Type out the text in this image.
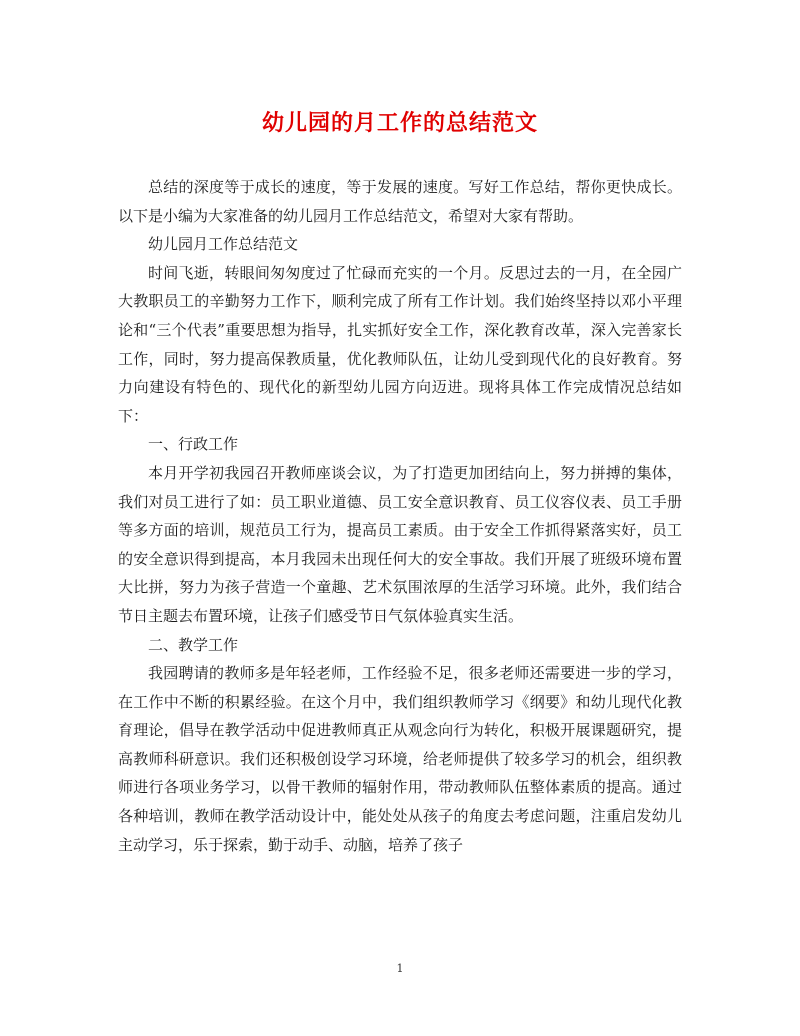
幼儿园的月工作的总结范文

总结的深度等于成长的速度，等于发展的速度。写好工作总结，帮你更快成长。以下是小编为大家准备的幼儿园月工作总结范文，希望对大家有帮助。

幼儿园月工作总结范文

时间飞逝，转眼间匆匆度过了忙碌而充实的一个月。反思过去的一月，在全园广大教职员工的辛勤努力工作下，顺利完成了所有工作计划。我们始终坚持以邓小平理论和“三个代表”重要思想为指导，扎实抓好安全工作，深化教育改革，深入完善家长工作，同时，努力提高保教质量，优化教师队伍，让幼儿受到现代化的良好教育。努力向建设有特色的、现代化的新型幼儿园方向迈进。现将具体工作完成情况总结如下：

一、行政工作

本月开学初我园召开教师座谈会议，为了打造更加团结向上，努力拼搏的集体，我们对员工进行了如：员工职业道德、员工安全意识教育、员工仪容仪表、员工手册等多方面的培训，规范员工行为，提高员工素质。由于安全工作抓得紧落实好，员工的安全意识得到提高，本月我园未出现任何大的安全事故。我们开展了班级环境布置大比拼，努力为孩子营造一个童趣、艺术氛围浓厚的生活学习环境。此外，我们结合节日主题去布置环境，让孩子们感受节日气氛体验真实生活。

二、教学工作

我园聘请的教师多是年轻老师，工作经验不足，很多老师还需要进一步的学习，在工作中不断的积累经验。在这个月中，我们组织教师学习《纲要》和幼儿现代化教育理论，倡导在教学活动中促进教师真正从观念向行为转化，积极开展课题研究，提高教师科研意识。我们还积极创设学习环境，给老师提供了较多学习的机会，组织教师进行各项业务学习，以骨干教师的辐射作用，带动教师队伍整体素质的提高。通过各种培训，教师在教学活动设计中，能处处从孩子的角度去考虑问题，注重启发幼儿主动学习，乐于探索，勤于动手、动脑，培养了孩子

1
